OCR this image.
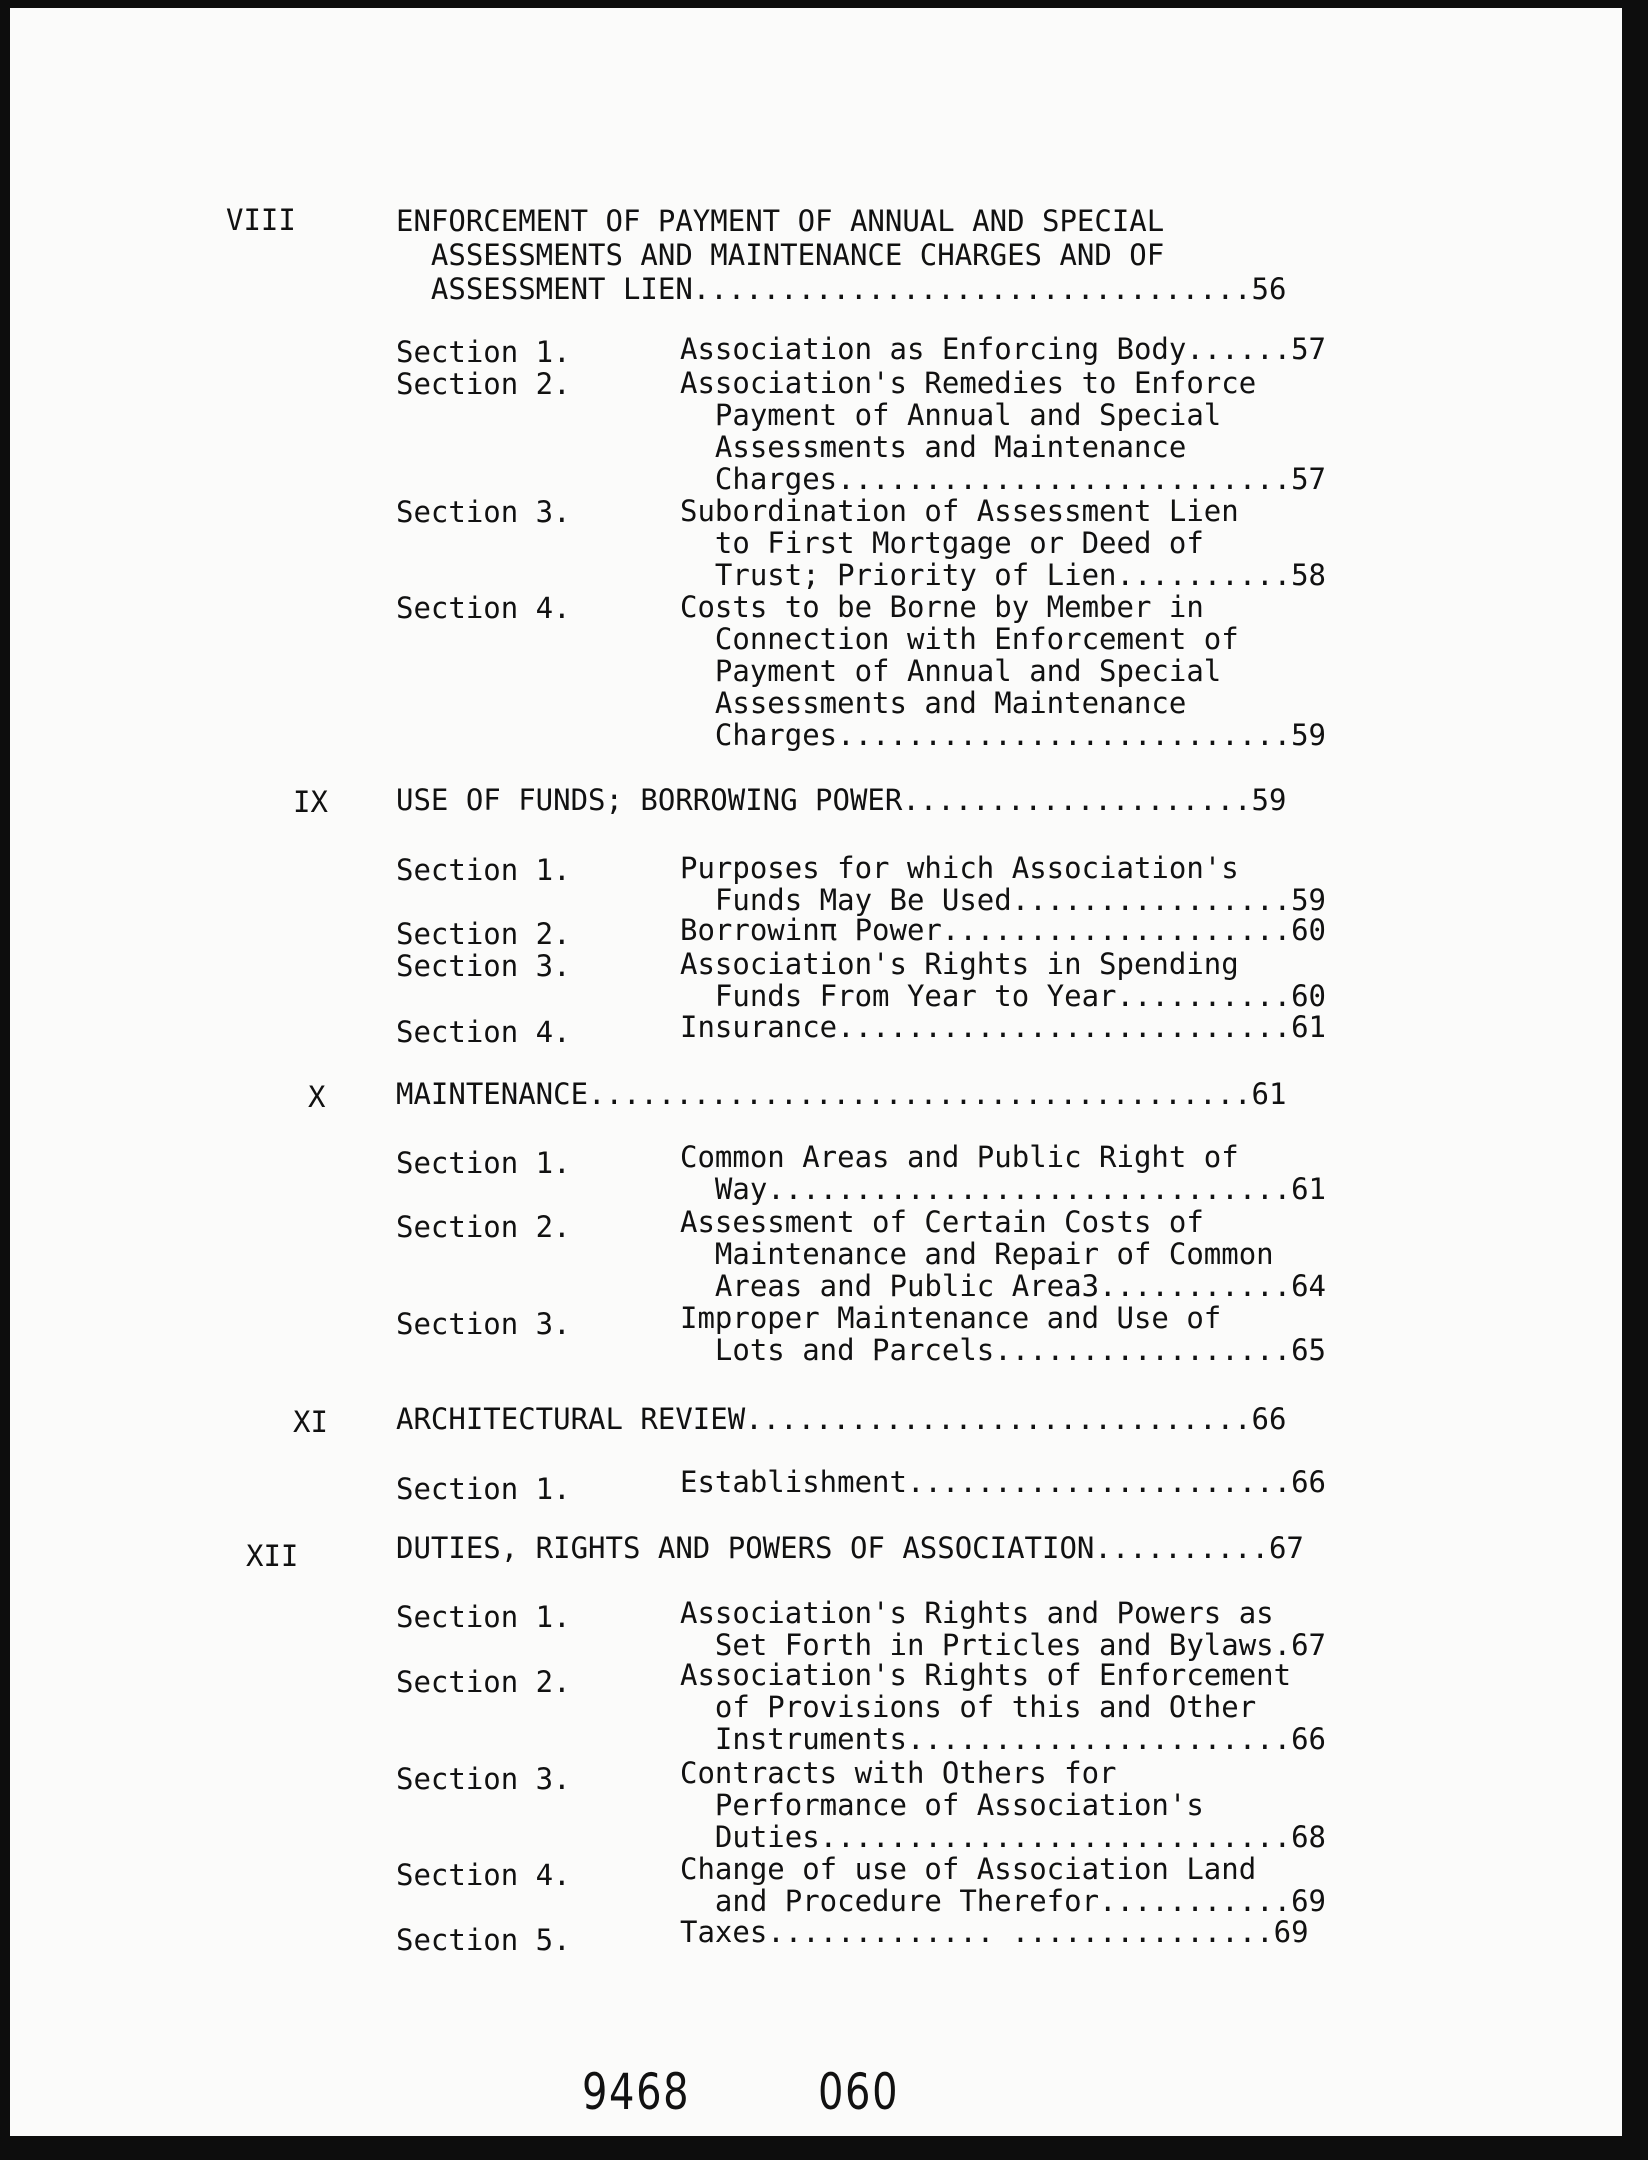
VIII	ENFORCEMENT OF PAYMENT OF ANNUAL AND SPECIAL
ASSESSMENTS AND MAINTENANCE CHARGES AND OF
ASSESSMENT LIEN................................56
Section 1.	Association as Enforcing Body......57
Section 2.	Association's Remedies to Enforce
Payment of Annual and Special
Assessments and Maintenance
Charges..........................57
Section 3.	Subordination of Assessment Lien
to First Mortgage or Deed of
Trust; Priority of Lien..........58
Section 4.	Costs to be Borne by Member in
Connection with Enforcement of
Payment of Annual and Special
Assessments and Maintenance
Charges..........................59
IX USE OF FUNDS; BORROWING POWER....................59
Section 1.	Purposes for which Association's
Funds May Be Used................59
Section 2.	Borrowinπ Power....................60
Section 3.	Association's Rights in Spending
Funds From Year to Year..........60
Section 4.	Insurance..........................61
X MAINTENANCE......................................61
Section 1.	Common Areas and Public Right of
Way..............................61
Section 2.	Assessment of Certain Costs of
Maintenance and Repair of Common
Areas and Public Area3...........64
Section 3.	Improper Maintenance and Use of
Lots and Parcels.................65
XI ARCHITECTURAL REVIEW.............................66
Section 1.	Establishment......................66
XII	DUTIES, RIGHTS AND POWERS OF ASSOCIATION..........67
Section 1.	Association's Rights and Powers as
Set Forth in Prticles and Bylaws.67
Section 2.	Association's Rights of Enforcement
of Provisions of this and Other
Instruments......................66
Section 3.	Contracts with Others for
Performance of Association's
Duties...........................68
Section 4.	Change of use of Association Land
and Procedure Therefor...........69
Section 5.	Taxes............. ...............69
9468	060
